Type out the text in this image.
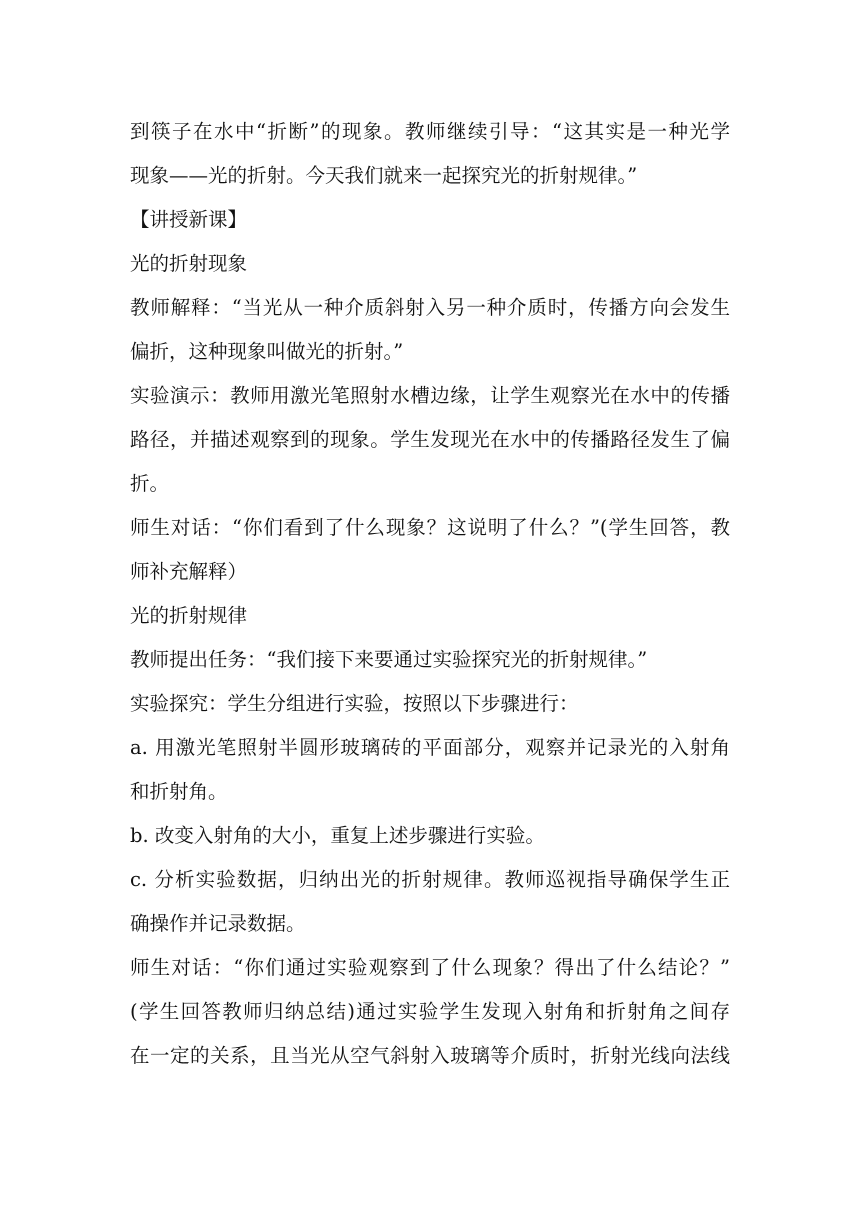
到筷子在水中“折断”的现象。教师继续引导：“这其实是一种光学
现象——光的折射。今天我们就来一起探究光的折射规律。”
【讲授新课】
光的折射现象
教师解释：“当光从一种介质斜射入另一种介质时，传播方向会发生
偏折，这种现象叫做光的折射。”
实验演示：教师用激光笔照射水槽边缘，让学生观察光在水中的传播
路径，并描述观察到的现象。学生发现光在水中的传播路径发生了偏
折。
师生对话：“你们看到了什么现象？这说明了什么？”(学生回答，教
师补充解释）
光的折射规律
教师提出任务：“我们接下来要通过实验探究光的折射规律。”
实验探究：学生分组进行实验，按照以下步骤进行：
a. 用激光笔照射半圆形玻璃砖的平面部分，观察并记录光的入射角
和折射角。
b. 改变入射角的大小，重复上述步骤进行实验。
c. 分析实验数据，归纳出光的折射规律。教师巡视指导确保学生正
确操作并记录数据。
师生对话：“你们通过实验观察到了什么现象？得出了什么结论？”
(学生回答教师归纳总结)通过实验学生发现入射角和折射角之间存
在一定的关系，且当光从空气斜射入玻璃等介质时，折射光线向法线
